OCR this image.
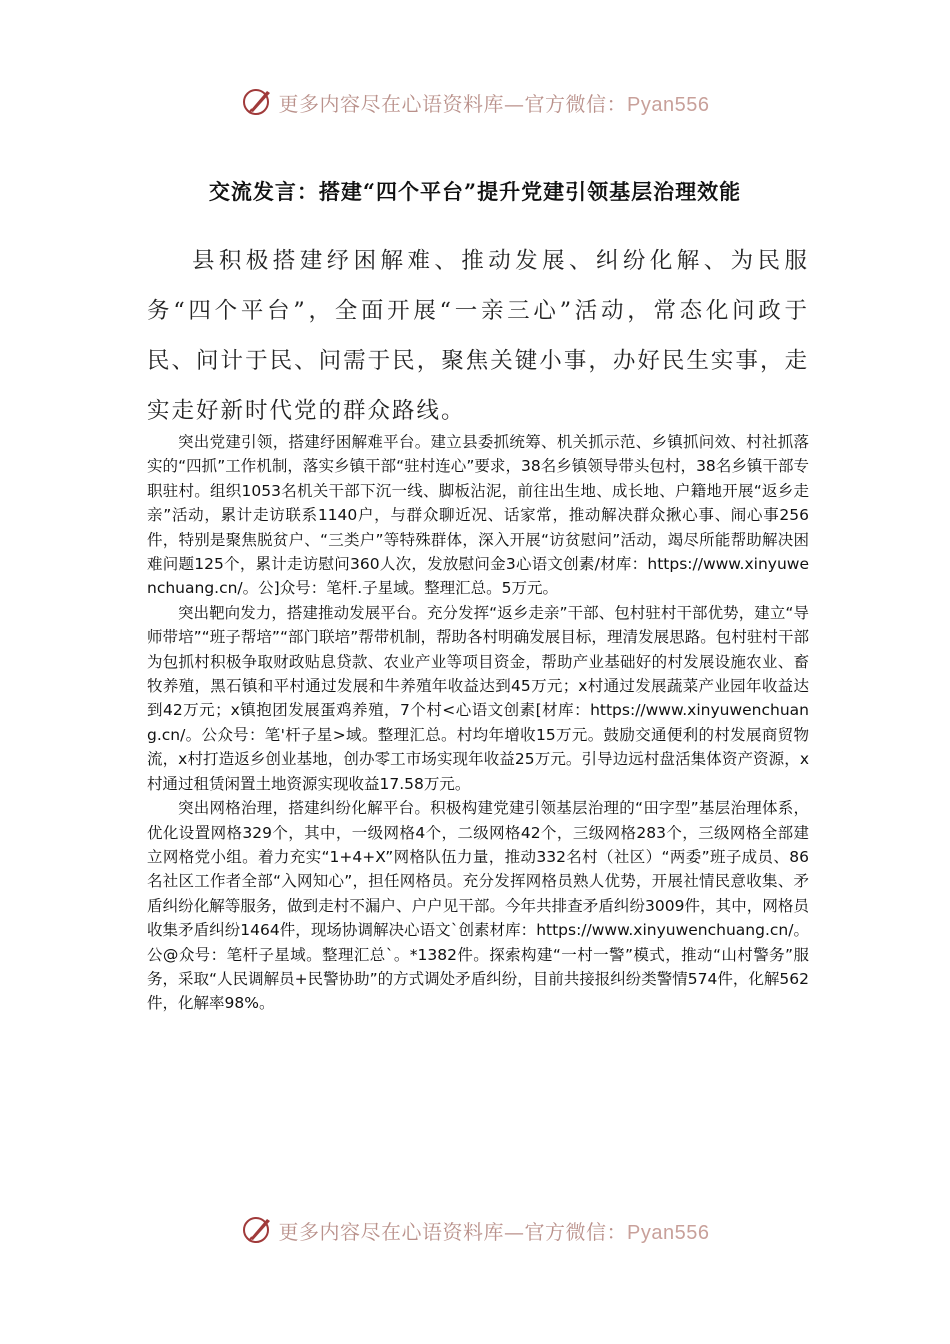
更多内容尽在心语资料库—官方微信：Pyan556
交流发言：搭建“四个平台”提升党建引领基层治理效能

县积极搭建纾困解难、推动发展、纠纷化解、为民服务“四个平台”，全面开展“一亲三心”活动，常态化问政于民、问计于民、问需于民，聚焦关键小事，办好民生实事，走实走好新时代党的群众路线。

突出党建引领，搭建纾困解难平台。建立县委抓统筹、机关抓示范、乡镇抓问效、村社抓落实的“四抓”工作机制，落实乡镇干部“驻村连心”要求，38名乡镇领导带头包村，38名乡镇干部专职驻村。组织1053名机关干部下沉一线、脚板沾泥，前往出生地、成长地、户籍地开展“返乡走亲”活动，累计走访联系1140户，与群众聊近况、话家常，推动解决群众揪心事、闹心事256件，特别是聚焦脱贫户、“三类户”等特殊群体，深入开展“访贫慰问”活动，竭尽所能帮助解决困难问题125个，累计走访慰问360人次，发放慰问金3心语文创素/材库：https://www.xinyuwenchuang.cn/。公]众号：笔杆.子星域。整理汇总。5万元。

突出靶向发力，搭建推动发展平台。充分发挥“返乡走亲”干部、包村驻村干部优势，建立“导师带培”“班子帮培”“部门联培”帮带机制，帮助各村明确发展目标，理清发展思路。包村驻村干部为包抓村积极争取财政贴息贷款、农业产业等项目资金，帮助产业基础好的村发展设施农业、畜牧养殖，黑石镇和平村通过发展和牛养殖年收益达到45万元；x村通过发展蔬菜产业园年收益达到42万元；x镇抱团发展蛋鸡养殖，7个村<心语文创素[材库：https://www.xinyuwenchuang.cn/。公众号：笔'杆子星>域。整理汇总。村均年增收15万元。鼓励交通便利的村发展商贸物流，x村打造返乡创业基地，创办零工市场实现年收益25万元。引导边远村盘活集体资产资源，x村通过租赁闲置土地资源实现收益17.58万元。

突出网格治理，搭建纠纷化解平台。积极构建党建引领基层治理的“田字型”基层治理体系，优化设置网格329个，其中，一级网格4个，二级网格42个，三级网格283个，三级网格全部建立网格党小组。着力充实“1+4+X”网格队伍力量，推动332名村（社区）“两委”班子成员、86名社区工作者全部“入网知心”，担任网格员。充分发挥网格员熟人优势，开展社情民意收集、矛盾纠纷化解等服务，做到走村不漏户、户户见干部。今年共排查矛盾纠纷3009件，其中，网格员收集矛盾纠纷1464件，现场协调解决心语文`创素材库：https://www.xinyuwenchuang.cn/。公@众号：笔杆子星域。整理汇总`。*1382件。探索构建“一村一警”模式，推动“山村警务”服务，采取“人民调解员+民警协助”的方式调处矛盾纠纷，目前共接报纠纷类警情574件，化解562件，化解率98%。

更多内容尽在心语资料库—官方微信：Pyan556
